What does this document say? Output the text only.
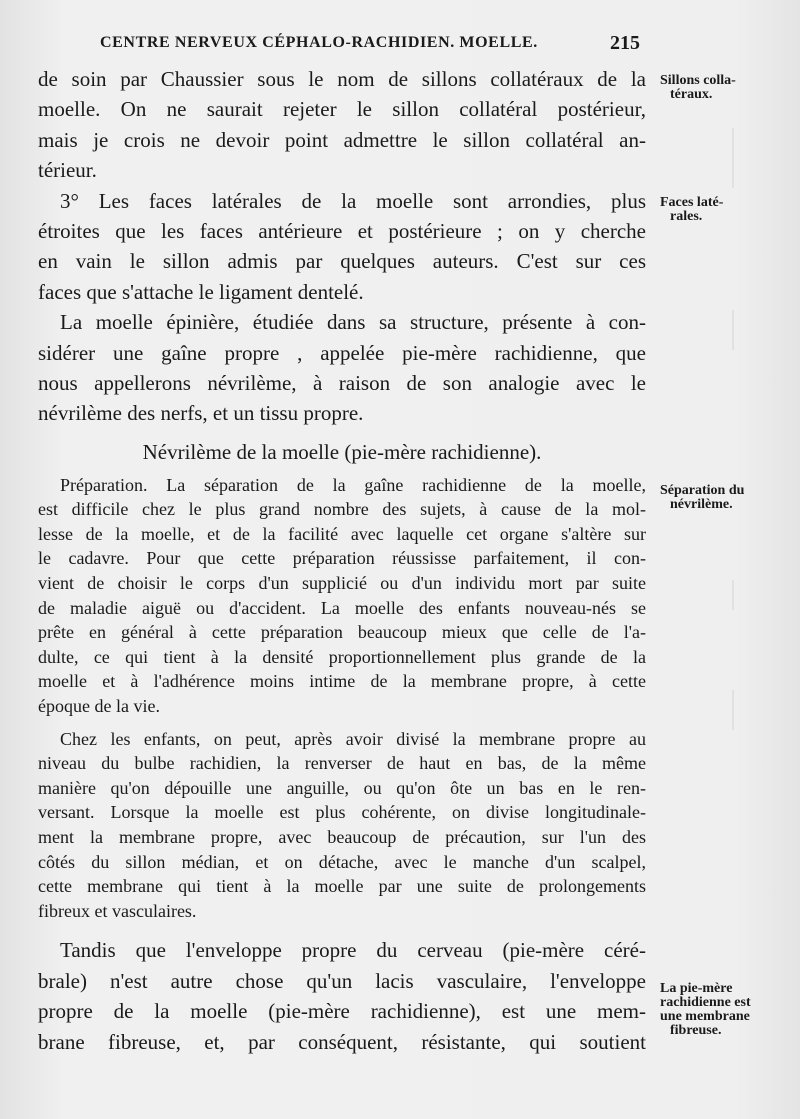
CENTRE NERVEUX CÉPHALO-RACHIDIEN. MOELLE.	215
de soin par Chaussier sous le nom de sillons collatéraux de la
moelle. On ne saurait rejeter le sillon collatéral postérieur,
mais je crois ne devoir point admettre le sillon collatéral an-
térieur.
3° Les faces latérales de la moelle sont arrondies, plus
étroites que les faces antérieure et postérieure ; on y cherche
en vain le sillon admis par quelques auteurs. C'est sur ces
faces que s'attache le ligament dentelé.
La moelle épinière, étudiée dans sa structure, présente à con-
sidérer une gaîne propre , appelée pie-mère rachidienne, que
nous appellerons névrilème, à raison de son analogie avec le
névrilème des nerfs, et un tissu propre.
Névrilème de la moelle (pie-mère rachidienne).
Préparation. La séparation de la gaîne rachidienne de la moelle,
est difficile chez le plus grand nombre des sujets, à cause de la mol-
lesse de la moelle, et de la facilité avec laquelle cet organe s'altère sur
le cadavre. Pour que cette préparation réussisse parfaitement, il con-
vient de choisir le corps d'un supplicié ou d'un individu mort par suite
de maladie aiguë ou d'accident. La moelle des enfants nouveau-nés se
prête en général à cette préparation beaucoup mieux que celle de l'a-
dulte, ce qui tient à la densité proportionnellement plus grande de la
moelle et à l'adhérence moins intime de la membrane propre, à cette
époque de la vie.
Chez les enfants, on peut, après avoir divisé la membrane propre au
niveau du bulbe rachidien, la renverser de haut en bas, de la même
manière qu'on dépouille une anguille, ou qu'on ôte un bas en le ren-
versant. Lorsque la moelle est plus cohérente, on divise longitudinale-
ment la membrane propre, avec beaucoup de précaution, sur l'un des
côtés du sillon médian, et on détache, avec le manche d'un scalpel,
cette membrane qui tient à la moelle par une suite de prolongements
fibreux et vasculaires.
Tandis que l'enveloppe propre du cerveau (pie-mère céré-
brale) n'est autre chose qu'un lacis vasculaire, l'enveloppe
propre de la moelle (pie-mère rachidienne), est une mem-
brane fibreuse, et, par conséquent, résistante, qui soutient
Sillons colla-
téraux.
Faces laté-
rales.
Séparation du
névrilème.
La pie-mère
rachidienne est
une membrane
fibreuse.
